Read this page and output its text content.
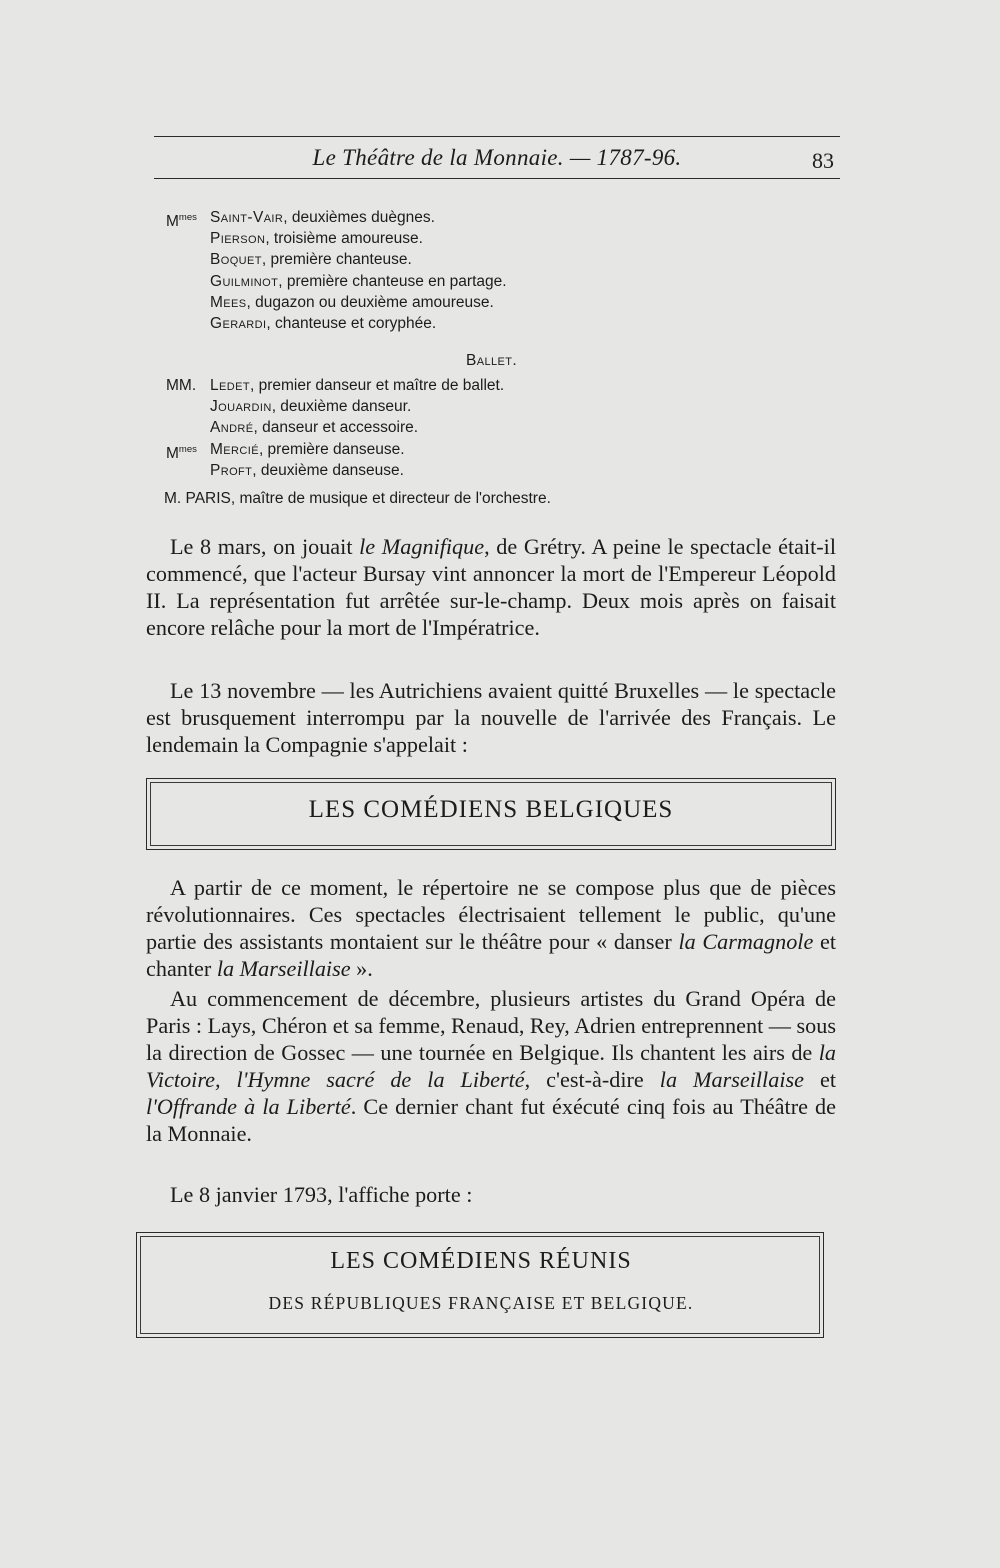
Le Théâtre de la Monnaie. — 1787-96.	83
$M^{mes}$ Saint-Vair, deuxièmes duègnes.
Pierson, troisième amoureuse.
Boquet, première chanteuse.
Guilminot, première chanteuse en partage.
Mees, dugazon ou deuxième amoureuse.
Gerardi, chanteuse et coryphée.
Ballet.
MM. Ledet, premier danseur et maître de ballet.
Jouardin, deuxième danseur.
André, danseur et accessoire.
$M^{mes}$ Mercié, première danseuse.
Proft, deuxième danseuse.
M. PARIS, maître de musique et directeur de l'orchestre.
Le 8 mars, on jouait le Magnifique, de Grétry. A peine le spectacle était-il commencé, que l'acteur Bursay vint annoncer la mort de l'Empereur Léopold II. La représentation fut arrêtée sur-le-champ. Deux mois après on faisait encore relâche pour la mort de l'Impératrice.
Le 13 novembre — les Autrichiens avaient quitté Bruxelles — le spectacle est brusquement interrompu par la nouvelle de l'arrivée des Français. Le lendemain la Compagnie s'appelait :
LES COMÉDIENS BELGIQUES
A partir de ce moment, le répertoire ne se compose plus que de pièces révolutionnaires. Ces spectacles électrisaient tellement le public, qu'une partie des assistants montaient sur le théâtre pour « danser la Carmagnole et chanter la Marseillaise ».
Au commencement de décembre, plusieurs artistes du Grand Opéra de Paris : Lays, Chéron et sa femme, Renaud, Rey, Adrien entreprennent — sous la direction de Gossec — une tournée en Belgique. Ils chantent les airs de la Victoire, l'Hymne sacré de la Liberté, c'est-à-dire la Marseillaise et l'Offrande à la Liberté. Ce dernier chant fut éxécuté cinq fois au Théâtre de la Monnaie.
Le 8 janvier 1793, l'affiche porte :
LES COMÉDIENS RÉUNIS
DES RÉPUBLIQUES FRANÇAISE ET BELGIQUE.
